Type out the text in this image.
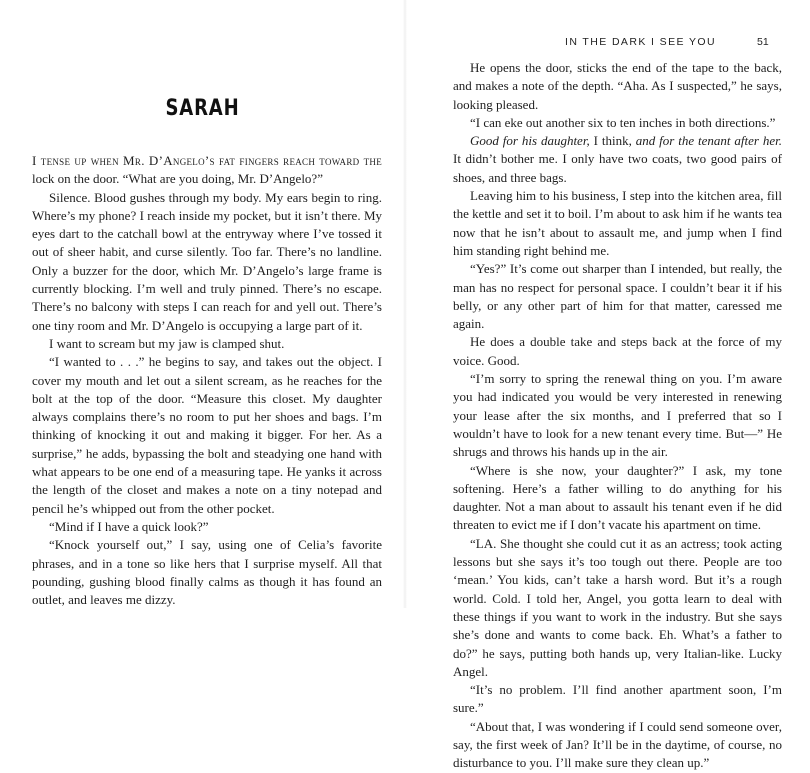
SARAH

I tense up when Mr. D’Angelo’s fat fingers reach toward the lock on the door. “What are you doing, Mr. D’Angelo?”

Silence. Blood gushes through my body. My ears begin to ring. Where’s my phone? I reach inside my pocket, but it isn’t there. My eyes dart to the catchall bowl at the entryway where I’ve tossed it out of sheer habit, and curse silently. Too far. There’s no landline. Only a buzzer for the door, which Mr. D’Angelo’s large frame is currently blocking. I’m well and truly pinned. There’s no escape. There’s no balcony with steps I can reach for and yell out. There’s one tiny room and Mr. D’Angelo is occupying a large part of it.

I want to scream but my jaw is clamped shut.

“I wanted to . . .” he begins to say, and takes out the object. I cover my mouth and let out a silent scream, as he reaches for the bolt at the top of the door. “Measure this closet. My daughter always complains there’s no room to put her shoes and bags. I’m thinking of knocking it out and making it bigger. For her. As a surprise,” he adds, bypassing the bolt and steadying one hand with what appears to be one end of a measuring tape. He yanks it across the length of the closet and makes a note on a tiny notepad and pencil he’s whipped out from the other pocket.

“Mind if I have a quick look?”

“Knock yourself out,” I say, using one of Celia’s favorite phrases, and in a tone so like hers that I surprise myself. All that pounding, gushing blood finally calms as though it has found an outlet, and leaves me dizzy.

IN THE DARK I SEE YOU	51

He opens the door, sticks the end of the tape to the back, and makes a note of the depth. “Aha. As I suspected,” he says, looking pleased.

“I can eke out another six to ten inches in both directions.”

Good for his daughter, I think, and for the tenant after her. It didn’t bother me. I only have two coats, two good pairs of shoes, and three bags.

Leaving him to his business, I step into the kitchen area, fill the kettle and set it to boil. I’m about to ask him if he wants tea now that he isn’t about to assault me, and jump when I find him standing right behind me.

“Yes?” It’s come out sharper than I intended, but really, the man has no respect for personal space. I couldn’t bear it if his belly, or any other part of him for that matter, caressed me again.

He does a double take and steps back at the force of my voice. Good.

“I’m sorry to spring the renewal thing on you. I’m aware you had indicated you would be very interested in renewing your lease after the six months, and I preferred that so I wouldn’t have to look for a new tenant every time. But—” He shrugs and throws his hands up in the air.

“Where is she now, your daughter?” I ask, my tone softening. Here’s a father willing to do anything for his daughter. Not a man about to assault his tenant even if he did threaten to evict me if I don’t vacate his apartment on time.

“LA. She thought she could cut it as an actress; took acting lessons but she says it’s too tough out there. People are too ‘mean.’ You kids, can’t take a harsh word. But it’s a rough world. Cold. I told her, Angel, you gotta learn to deal with these things if you want to work in the industry. But she says she’s done and wants to come back. Eh. What’s a father to do?” he says, putting both hands up, very Italian-like. Lucky Angel.

“It’s no problem. I’ll find another apartment soon, I’m sure.”

“About that, I was wondering if I could send someone over, say, the first week of Jan? It’ll be in the daytime, of course, no disturbance to you. I’ll make sure they clean up.”
